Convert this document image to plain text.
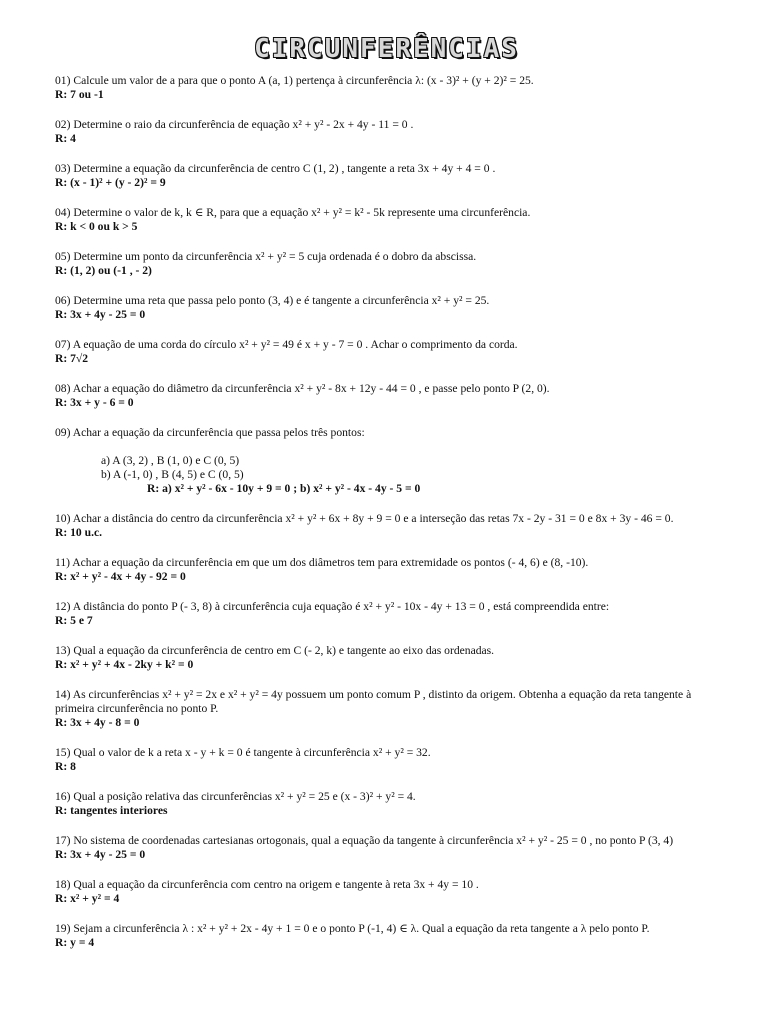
CIRCUNFERÊNCIAS

01) Calcule um valor de a para que o ponto A (a, 1) pertença à circunferência λ: (x - 3)² + (y + 2)² = 25.

R: 7 ou -1

02) Determine o raio da circunferência de equação x² + y² - 2x + 4y - 11 = 0 .

R: 4

03) Determine a equação da circunferência de centro C (1, 2) , tangente a reta 3x + 4y + 4 = 0 .

R: (x - 1)² + (y - 2)² = 9

04) Determine o valor de k, k ∈ R, para que a equação x² + y² = k² - 5k represente uma circunferência.

R: k < 0 ou k > 5

05) Determine um ponto da circunferência x² + y² = 5 cuja ordenada é o dobro da abscissa.

R: (1, 2) ou (-1 , - 2)

06) Determine uma reta que passa pelo ponto (3, 4) e é tangente a circunferência x² + y² = 25.

R: 3x + 4y - 25 = 0

07) A equação de uma corda do círculo x² + y² = 49 é x + y - 7 = 0 . Achar o comprimento da corda.

R: 7√2

08) Achar a equação do diâmetro da circunferência x² + y² - 8x + 12y - 44 = 0 , e passe pelo ponto P (2, 0).

R: 3x + y - 6 = 0

09) Achar a equação da circunferência que passa pelos três pontos:

a) A (3, 2) , B (1, 0) e C (0, 5)

b) A (-1, 0) , B (4, 5) e C (0, 5)

R: a) x² + y² - 6x - 10y + 9 = 0 ; b) x² + y² - 4x - 4y - 5 = 0

10) Achar a distância do centro da circunferência x² + y² + 6x + 8y + 9 = 0 e a interseção das retas 7x - 2y - 31 = 0 e 8x + 3y - 46 = 0.

R: 10 u.c.

11) Achar a equação da circunferência em que um dos diâmetros tem para extremidade os pontos (- 4, 6) e (8, -10).

R: x² + y² - 4x + 4y - 92 = 0

12) A distância do ponto P (- 3, 8) à circunferência cuja equação é x² + y² - 10x - 4y + 13 = 0 , está compreendida entre:

R: 5 e 7

13) Qual a equação da circunferência de centro em C (- 2, k) e tangente ao eixo das ordenadas.

R: x² + y² + 4x - 2ky + k² = 0

14) As circunferências x² + y² = 2x e x² + y² = 4y possuem um ponto comum P , distinto da origem. Obtenha a equação da reta tangente à primeira circunferência no ponto P.

R: 3x + 4y - 8 = 0

15) Qual o valor de k a reta x - y + k = 0 é tangente à circunferência x² + y² = 32.

R: 8

16) Qual a posição relativa das circunferências x² + y² = 25 e (x - 3)² + y² = 4.

R: tangentes interiores

17) No sistema de coordenadas cartesianas ortogonais, qual a equação da tangente à circunferência x² + y² - 25 = 0 , no ponto P (3, 4)

R: 3x + 4y - 25 = 0

18) Qual a equação da circunferência com centro na origem e tangente à reta 3x + 4y = 10 .

R: x² + y² = 4

19) Sejam a circunferência λ : x² + y² + 2x - 4y + 1 = 0 e o ponto P (-1, 4) ∈ λ. Qual a equação da reta tangente a λ pelo ponto P.

R: y = 4
